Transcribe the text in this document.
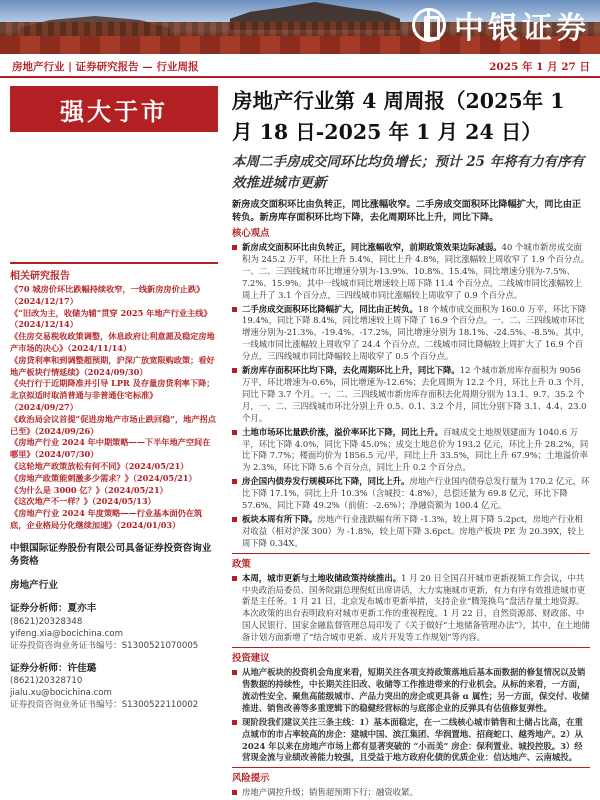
中银证券
房地产行业 | 证券研究报告 — 行业周报	2025 年 1 月 27 日
强大于市	房地产行业第 4 周周报（2025年 1 月 18 日-2025 年 1 月 24 日）
本周二手房成交同环比均负增长；预计 25 年将有力有序有效推进城市更新
新房成交面积环比由负转正，同比涨幅收窄。二手房成交面积环比降幅扩大，同比由正转负。新房库存面积环比均下降，去化周期环比上升，同比下降。
相关研究报告
《70 城房价环比跌幅持续收窄，一线新房房价止跌》（2024/12/17）
《“旧改为主，收储为辅”贯穿 2025 年地产行业主线》（2024/12/14）
《住房交易税收政策调整，休息政府让利意愿及稳定房地产市场的决心》（2024/11/14）
《房贷利率和到调整超预期，沪深广放宽限购政策；看好地产板块行情延续》（2024/09/30）
《央行行于近期降准并引导 LPR 及存量房贷利率下降；北京拟适时取消普通与非普通住宅标准》（2024/09/27）
《政治局会议首提“促进房地产市场止跌回稳”，地产拐点已至》（2024/09/26）
《房地产行业 2024 年中期策略——下半年地产空间在哪里》（2024/07/30）
《这轮地产政策放松有何不同》（2024/05/21）
《房地产政策能刺激多少需求？》（2024/05/21）
《为什么是 3000 亿？》（2024/05/21）
《这次地产不一样？》（2024/05/13）
《房地产行业 2024 年度策略——行业基本面仍在筑底，企业格局分化继续加速》（2024/01/03）
中银国际证券股份有限公司具备证券投资咨询业务资格
房地产行业
证券分析师：夏亦丰
(8621)20328348
yifeng.xia@bocichina.com
证券投资咨询业务证书编号：S1300521070005
证券分析师：许佳璐
(8621)20328710
jialu.xu@bocichina.com
证券投资咨询业务证书编号：S1300522110002
核心观点
新房成交面积环比由负转正，同比涨幅收窄，前期政策效果边际减弱。40 个城市新房成交面积为 245.2 万平，环比上升 5.4%，同比上升 4.8%，同比涨幅较上周收窄了 1.9 个百分点。一、二、三四线城市环比增速分别为-13.9%、10.8%、15.4%，同比增速分别为-7.5%、7.2%、15.9%。其中一线城市同比增速较上周下降 11.4 个百分点，二线城市同比涨幅较上周上升了 3.1 个百分点，三四线城市同比涨幅较上周收窄了 0.9 个百分点。
二手房成交面积环比降幅扩大，同比由正转负。18 个城市成交面积为 160.0 万平，环比下降 19.4%，同比下降 8.4%，同比增速较上周下降了 16.9 个百分点。一、二、三四线城市环比增速分别为-21.3%、-19.4%、-17.2%，同比增速分别为 18.1%、-24.5%、-8.5%。其中，一线城市同比涨幅较上周收窄了 24.4 个百分点，二线城市同比降幅较上周扩大了 16.9 个百分点，三四线城市同比降幅较上周收窄了 0.5 个百分点。
新房库存面积环比均下降，去化周期环比上升，同比下降。12 个城市新房库存面积为 9056 万平，环比增速为-0.6%，同比增速为-12.6%；去化周期为 12.2 个月，环比上升 0.3 个月，同比下降 3.7 个月。一、二、三四线城市新房库存面积去化周期分别为 13.1、9.7、35.2 个月，一、二、三四线城市环比分别上升 0.5、0.1、3.2 个月，同比分别下降 3.1、4.4、23.0 个月。
土地市场环比量跌价涨，溢价率环比下降，同比上升。百城成交土地规划建面为 1040.6 万平，环比下降 4.0%，同比下降 45.0%；成交土地总价为 193.2 亿元，环比上升 28.2%，同比下降 7.7%；楼面均价为 1856.5 元/平，同比上升 33.5%，同比上升 67.9%；土地溢价率为 2.3%，环比下降 5.6 个百分点，同比上升 0.2 个百分点。
房企国内债券发行规模环比下降，同比上升。房地产行业国内债券总发行量为 170.2 亿元，环比下降 17.1%，同比上升 10.3%（含城投：4.8%），总偿还量为 69.8 亿元，环比下降 57.6%，同比下降 49.2%（前值：-2.6%）；净融资额为 100.4 亿元。
板块本周有所下降。房地产行业涨跌幅有所下降 -1.3%，较上周下降 5.2pct，房地产行业相对收益（相对沪深 300）为 -1.8%，较上周下降 3.6pct。房地产板块 PE 为 20.39X，较上周下降 0.34X。
政策
本周，城市更新与土地收储政策持续推出。1 月 20 日全国召开城市更新视频工作会议，中共中央政治局委员、国务院副总理倪虹出席讲话，大力实施城市更新，有力有序有效推进城市更新是主任务。1 月 21 日，北京发布城市更新举措，支持企业“腾笼换鸟”盘活存量土地资源。本次政策的出台表明政府对城市更新工作的重视程度。1 月 22 日，自然资源部、财政部、中国人民银行、国家金融监督管理总局印发了《关于做好“土地储备管理办法”》，其中，在土地储备计划方面新增了“结合城市更新、成片开发等工作规划”等内容。
投资建议
从地产板块的投资机会角度来看，短期关注各项支持政策落地后基本面数据的修复情况以及销售数据的持续性，中长期关注旧改、收储等工作推进带来的行业机会。从标的来看，一方面，流动性安全、聚焦高能级城市、产品力突出的房企或更具备 α 属性；另一方面，保交付、收储推进、销售改善等多重逻辑下的稳健经营标的与底部企业的反弹具有估值修复弹性。
现阶段我们建议关注三条主线：1）基本面稳定，在一二线核心城市销售和土储占比高，在重点城市的市占率较高的房企：建城中国、滨江集团、华润置地、招商蛇口、越秀地产。2）从 2024 年以来在房地产市场上都有显著突破的 “小而美” 房企：保利置业、城投控股。3）经营现金流与业绩改善能力较强，且受益于地方政府化债的优质企业：信达地产、云南城投。
风险提示
房地产调控升级；销售超预期下行；融资收紧。
